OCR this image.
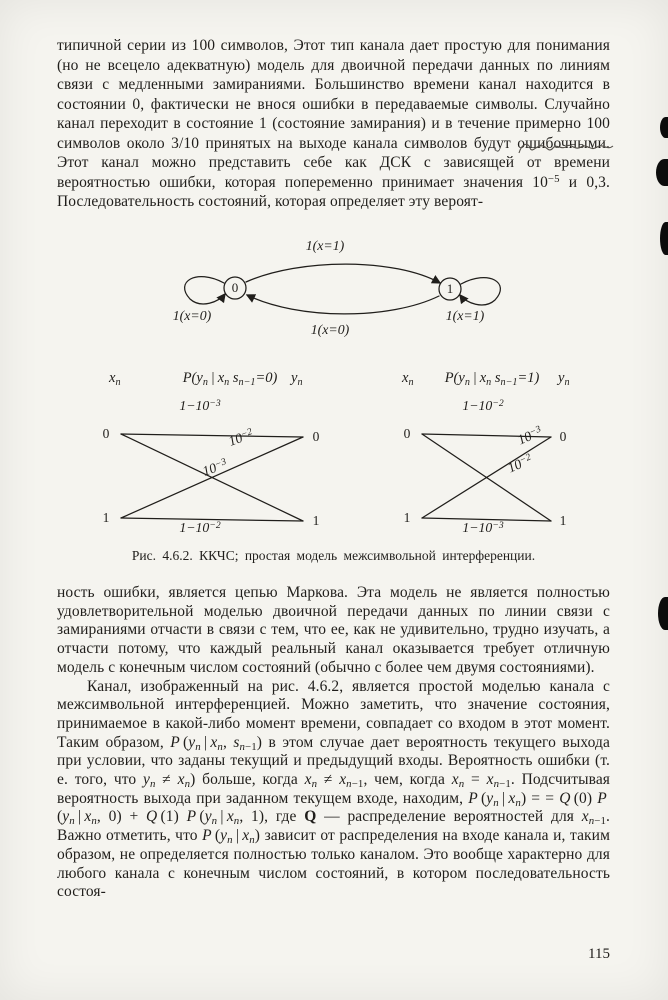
типичной серии из 100 символов, Этот тип канала дает простую для понимания (но не всецело адекватную) модель для двоичной передачи данных по линиям связи с медленными замираниями. Большинство времени канал находится в состоянии 0, фактически не внося ошибки в передаваемые символы. Случайно канал переходит в состояние 1 (состояние замирания) и в течение примерно 100 символов около 3/10 принятых на выходе канала символов будут ошибочными. Этот канал можно представить себе как ДСК с зависящей от времени вероятностью ошибки, которая попеременно принимает значения $10^{-5}$ и 0,3. Последовательность состояний, которая определяет эту вероят-
0	1
1(x=1)
1(x=0)
1(x=0)	1(x=1)
$x_n$	$P(y_n$ | $x_n$ $s_{n-1}=0$) $y_n$
0	0
1	1
$1-10^{-3}$
$10^{-2}$
$10^{-3}$
$1-10^{-2}$
$x_n$	$P(y_n$ | $x_n$ $s_{n-1}=1$)	$y_n$
0	0
1	1
$1-10^{-2}$
$10^{-3}$
$10^{-2}$
$1-10^{-3}$
Рис. 4.6.2. ККЧС; простая модель межсимвольной интерференции.

ность ошибки, является цепью Маркова. Эта модель не является полностью удовлетворительной моделью двоичной передачи данных по линии связи с замираниями отчасти в связи с тем, что ее, как не удивительно, трудно изучать, а отчасти потому, что каждый реальный канал оказывается требует отличную модель с конечным числом состояний (обычно с более чем двумя состояниями).

Канал, изображенный на рис. 4.6.2, является простой моделью канала с межсимвольной интерференцией. Можно заметить, что значение состояния, принимаемое в какой-либо момент времени, совпадает со входом в этот момент. Таким образом, P ($y_n$ | $x_n$, $s_{n-1}$) в этом случае дает вероятность текущего выхода при условии, что заданы текущий и предыдущий входы. Вероятность ошибки (т. е. того, что $y_n \ne x_n$) больше, когда $x_n \ne x_{n-1}$, чем, когда $x_n = x_{n-1}$. Подсчитывая вероятность выхода при заданном текущем входе, находим, P ($y_n$ | $x_n$) = = Q (0) P ($y_n$ | $x_n$, 0) + Q (1) P ($y_n$ | $x_n$, 1), где Q — распределение вероятностей для $x_{n-1}$. Важно отметить, что P ($y_n$ | $x_n$) зависит от распределения на входе канала и, таким образом, не определяется полностью только каналом. Это вообще характерно для любого канала с конечным числом состояний, в котором последовательность состоя-

115
